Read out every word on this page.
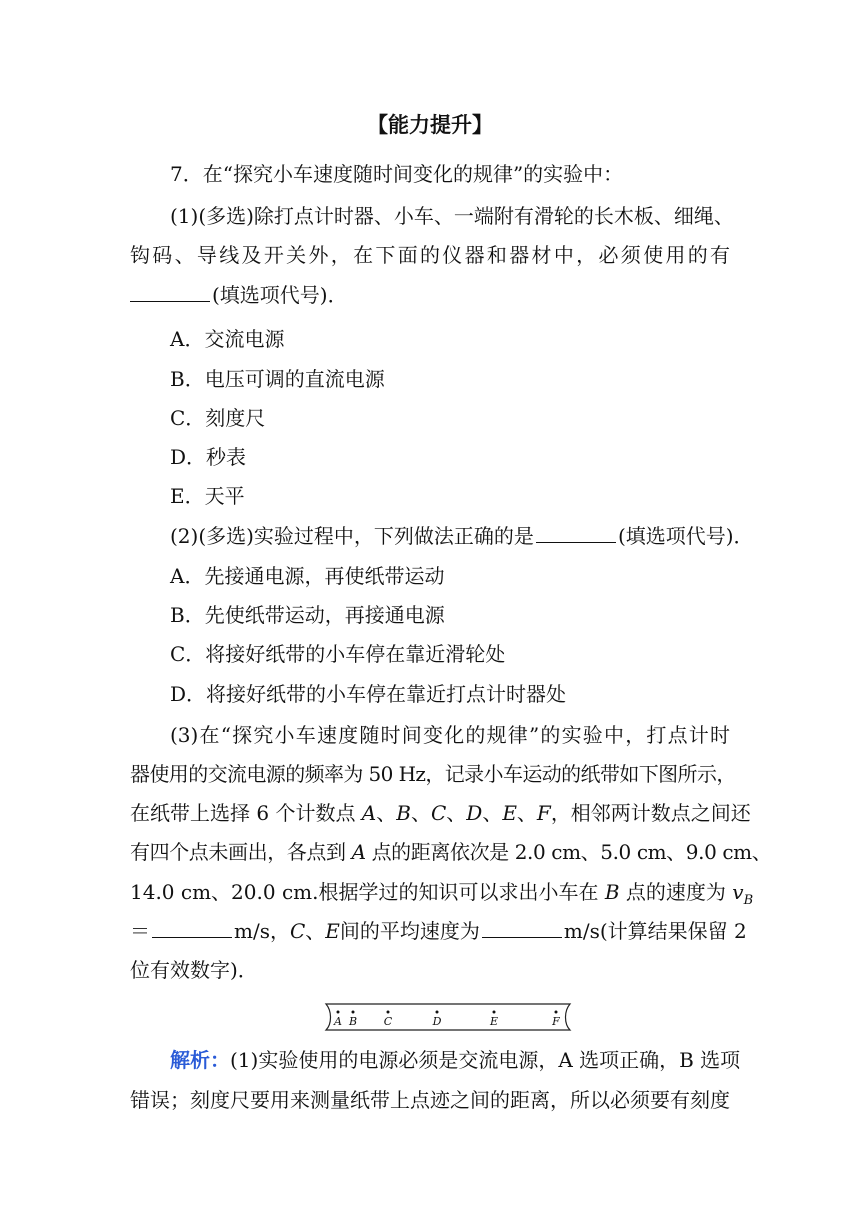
【能力提升】
7．在“探究小车速度随时间变化的规律”的实验中：
(1)(多选)除打点计时器、小车、一端附有滑轮的长木板、细绳、
钩码、导线及开关外，在下面的仪器和器材中，必须使用的有
(填选项代号)．
A．交流电源
B．电压可调的直流电源
C．刻度尺
D．秒表
E．天平
(2)(多选)实验过程中，下列做法正确的是	(填选项代号)．
A．先接通电源，再使纸带运动
B．先使纸带运动，再接通电源
C．将接好纸带的小车停在靠近滑轮处
D．将接好纸带的小车停在靠近打点计时器处
(3)在“探究小车速度随时间变化的规律”的实验中，打点计时
器使用的交流电源的频率为 50 Hz，记录小车运动的纸带如下图所示，
在纸带上选择 6 个计数点 A、B、C、D、E、F，相邻两计数点之间还
有四个点未画出，各点到 A 点的距离依次是 2.0 cm、5.0 cm、9.0 cm、
14.0 cm、20.0 cm.根据学过的知识可以求出小车在 B 点的速度为 $v_B$
＝	m/s，C、E间的平均速度为	m/s(计算结果保留 2
位有效数字)．
A B C	D	E	F
解析：(1)实验使用的电源必须是交流电源，A 选项正确，B 选项
错误；刻度尺要用来测量纸带上点迹之间的距离，所以必须要有刻度
